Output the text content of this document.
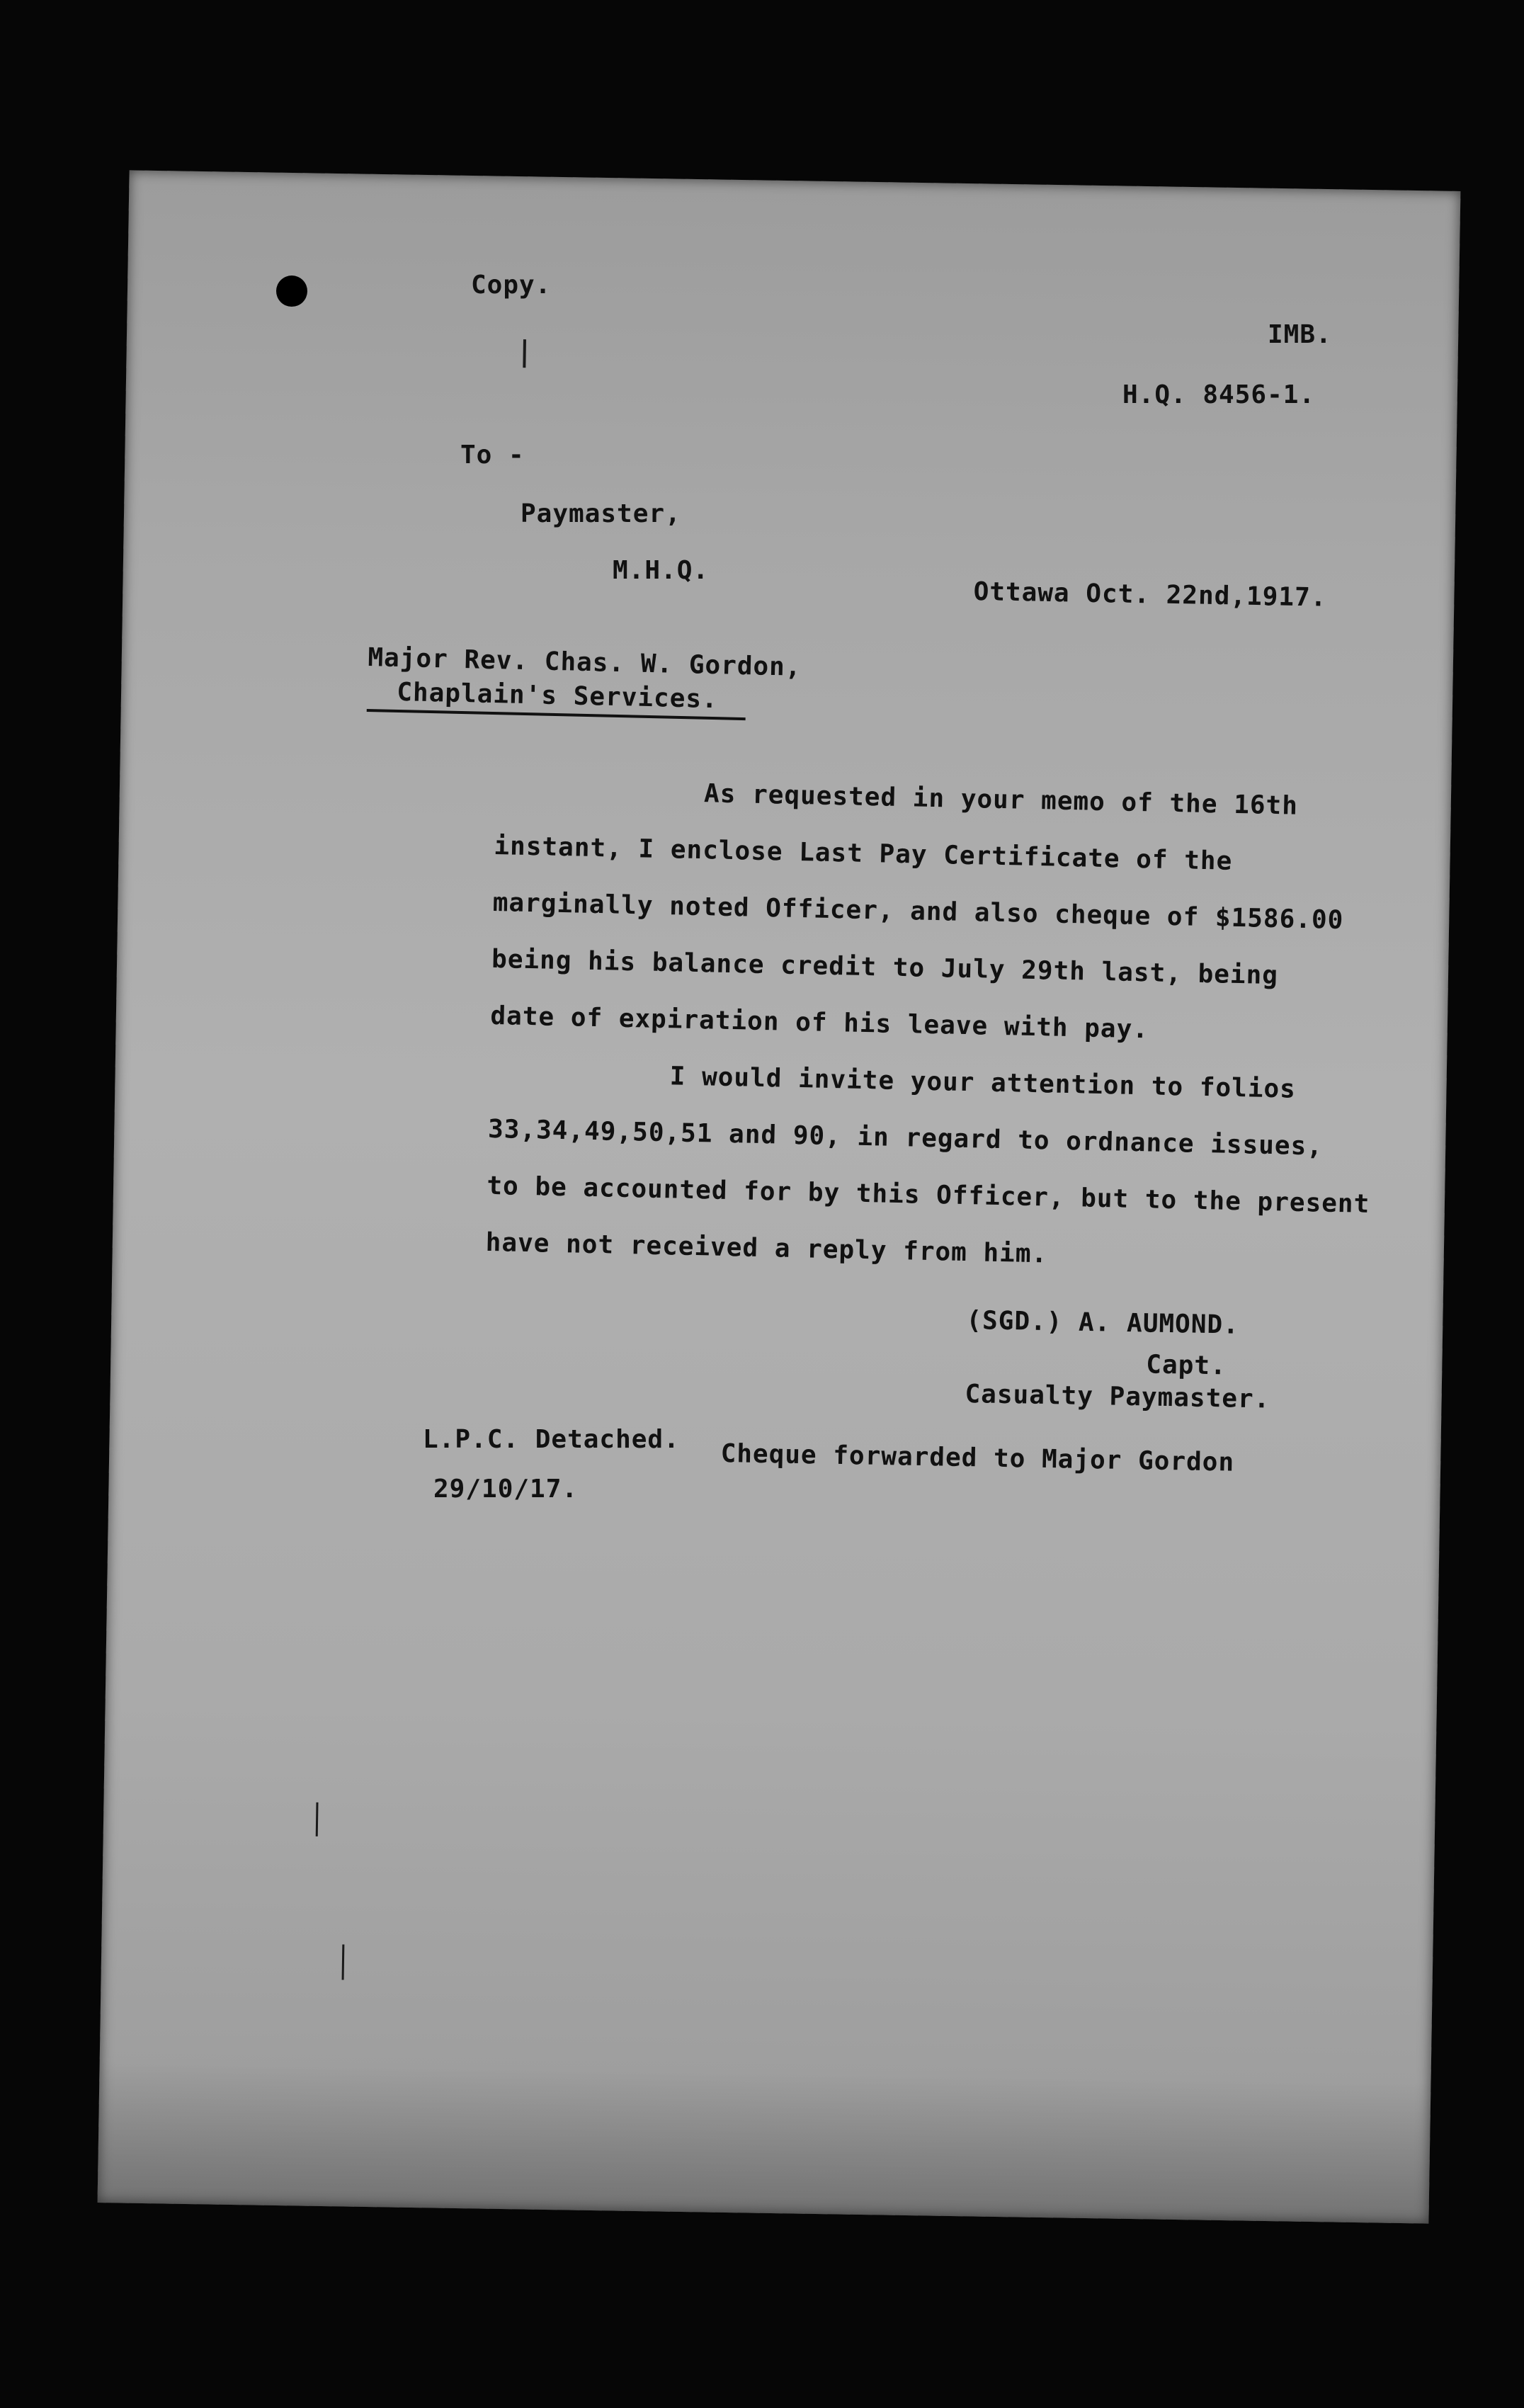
Copy.
IMB.
H.Q. 8456-1.
To -
Paymaster,
M.H.Q.
Ottawa Oct. 22nd,1917.
Major Rev. Chas. W. Gordon,
Chaplain's Services.
As requested in your memo of the 16th
instant, I enclose Last Pay Certificate of the
marginally noted Officer, and also cheque of $1586.00
being his balance credit to July 29th last, being
date of expiration of his leave with pay.
I would invite your attention to folios
33,34,49,50,51 and 90, in regard to ordnance issues,
to be accounted for by this Officer, but to the present
have not received a reply from him.
(SGD.) A. AUMOND.
Capt.
Casualty Paymaster.
L.P.C. Detached. Cheque forwarded to Major Gordon
29/10/17.
